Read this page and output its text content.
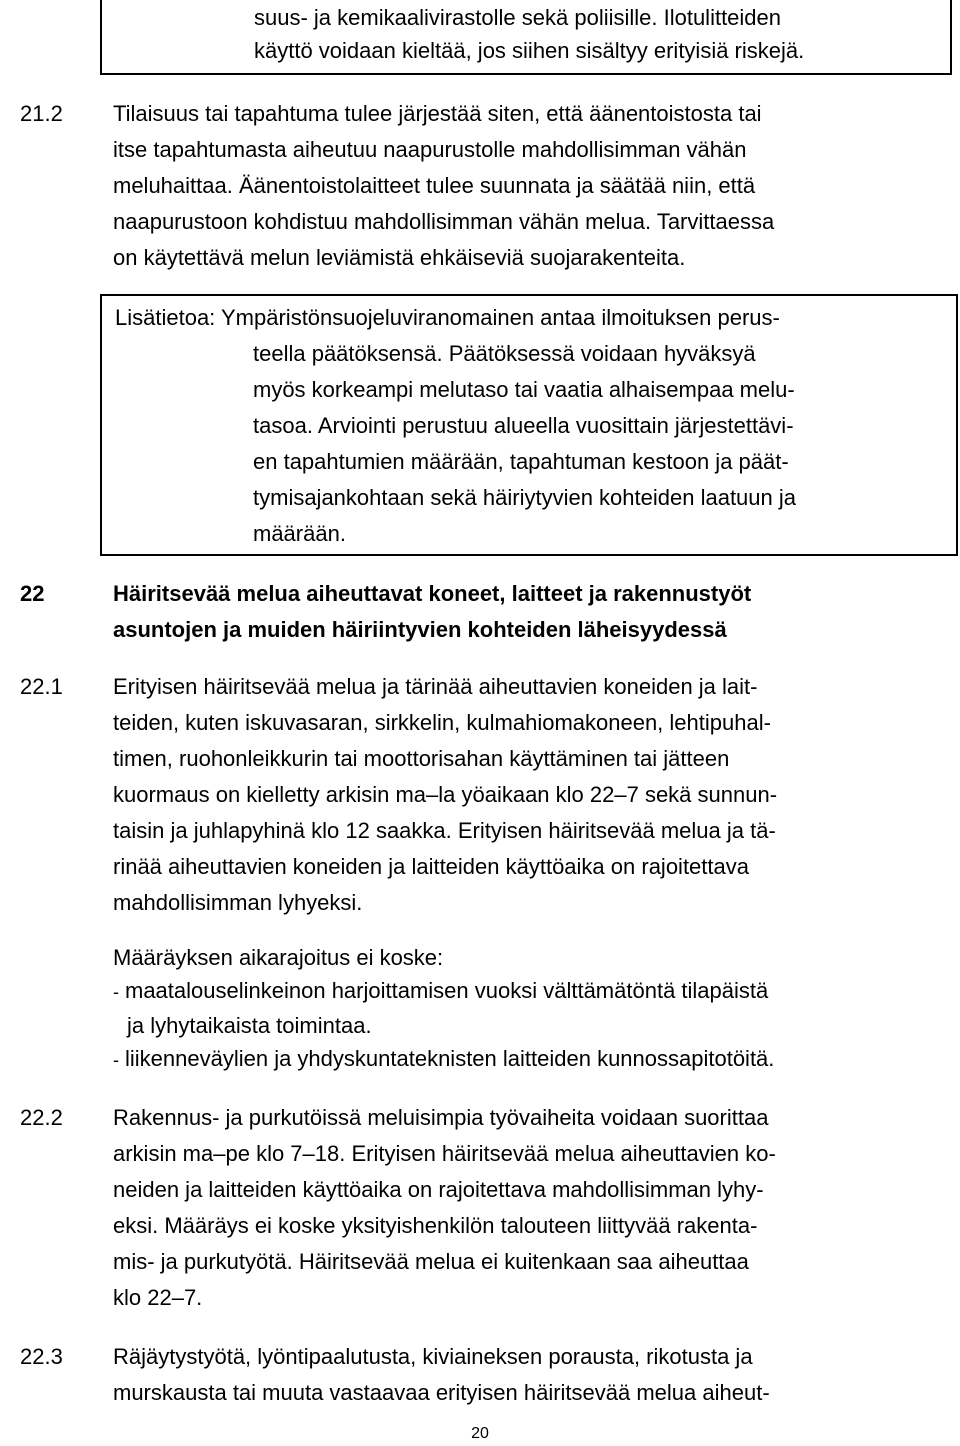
suus- ja kemikaalivirastolle sekä poliisille. Ilotulitteiden
käyttö voidaan kieltää, jos siihen sisältyy erityisiä riskejä.
21.2	Tilaisuus tai tapahtuma tulee järjestää siten, että äänentoistosta tai
itse tapahtumasta aiheutuu naapurustolle mahdollisimman vähän
meluhaittaa. Äänentoistolaitteet tulee suunnata ja säätää niin, että
naapurustoon kohdistuu mahdollisimman vähän melua. Tarvittaessa
on käytettävä melun leviämistä ehkäiseviä suojarakenteita.
Lisätietoa: Ympäristönsuojeluviranomainen antaa ilmoituksen perus-
teella päätöksensä. Päätöksessä voidaan hyväksyä
myös korkeampi melutaso tai vaatia alhaisempaa melu-
tasoa. Arviointi perustuu alueella vuosittain järjestettävi-
en tapahtumien määrään, tapahtuman kestoon ja päät-
tymisajankohtaan sekä häiriytyvien kohteiden laatuun ja
määrään.
22	Häiritsevää melua aiheuttavat koneet, laitteet ja rakennustyöt
asuntojen ja muiden häiriintyvien kohteiden läheisyydessä
22.1	Erityisen häiritsevää melua ja tärinää aiheuttavien koneiden ja lait-
teiden, kuten iskuvasaran, sirkkelin, kulmahiomakoneen, lehtipuhal-
timen, ruohonleikkurin tai moottorisahan käyttäminen tai jätteen
kuormaus on kielletty arkisin ma–la yöaikaan klo 22–7 sekä sunnun-
taisin ja juhlapyhinä klo 12 saakka. Erityisen häiritsevää melua ja tä-
rinää aiheuttavien koneiden ja laitteiden käyttöaika on rajoitettava
mahdollisimman lyhyeksi.
Määräyksen aikarajoitus ei koske:
- maatalouselinkeinon harjoittamisen vuoksi välttämätöntä tilapäistä
ja lyhytaikaista toimintaa.
- liikenneväylien ja yhdyskuntateknisten laitteiden kunnossapitotöitä.
22.2	Rakennus- ja purkutöissä meluisimpia työvaiheita voidaan suorittaa
arkisin ma–pe klo 7–18. Erityisen häiritsevää melua aiheuttavien ko-
neiden ja laitteiden käyttöaika on rajoitettava mahdollisimman lyhy-
eksi. Määräys ei koske yksityishenkilön talouteen liittyvää rakenta-
mis- ja purkutyötä. Häiritsevää melua ei kuitenkaan saa aiheuttaa
klo 22–7.
22.3	Räjäytystyötä, lyöntipaalutusta, kiviaineksen porausta, rikotusta ja
murskausta tai muuta vastaavaa erityisen häiritsevää melua aiheut-
20
